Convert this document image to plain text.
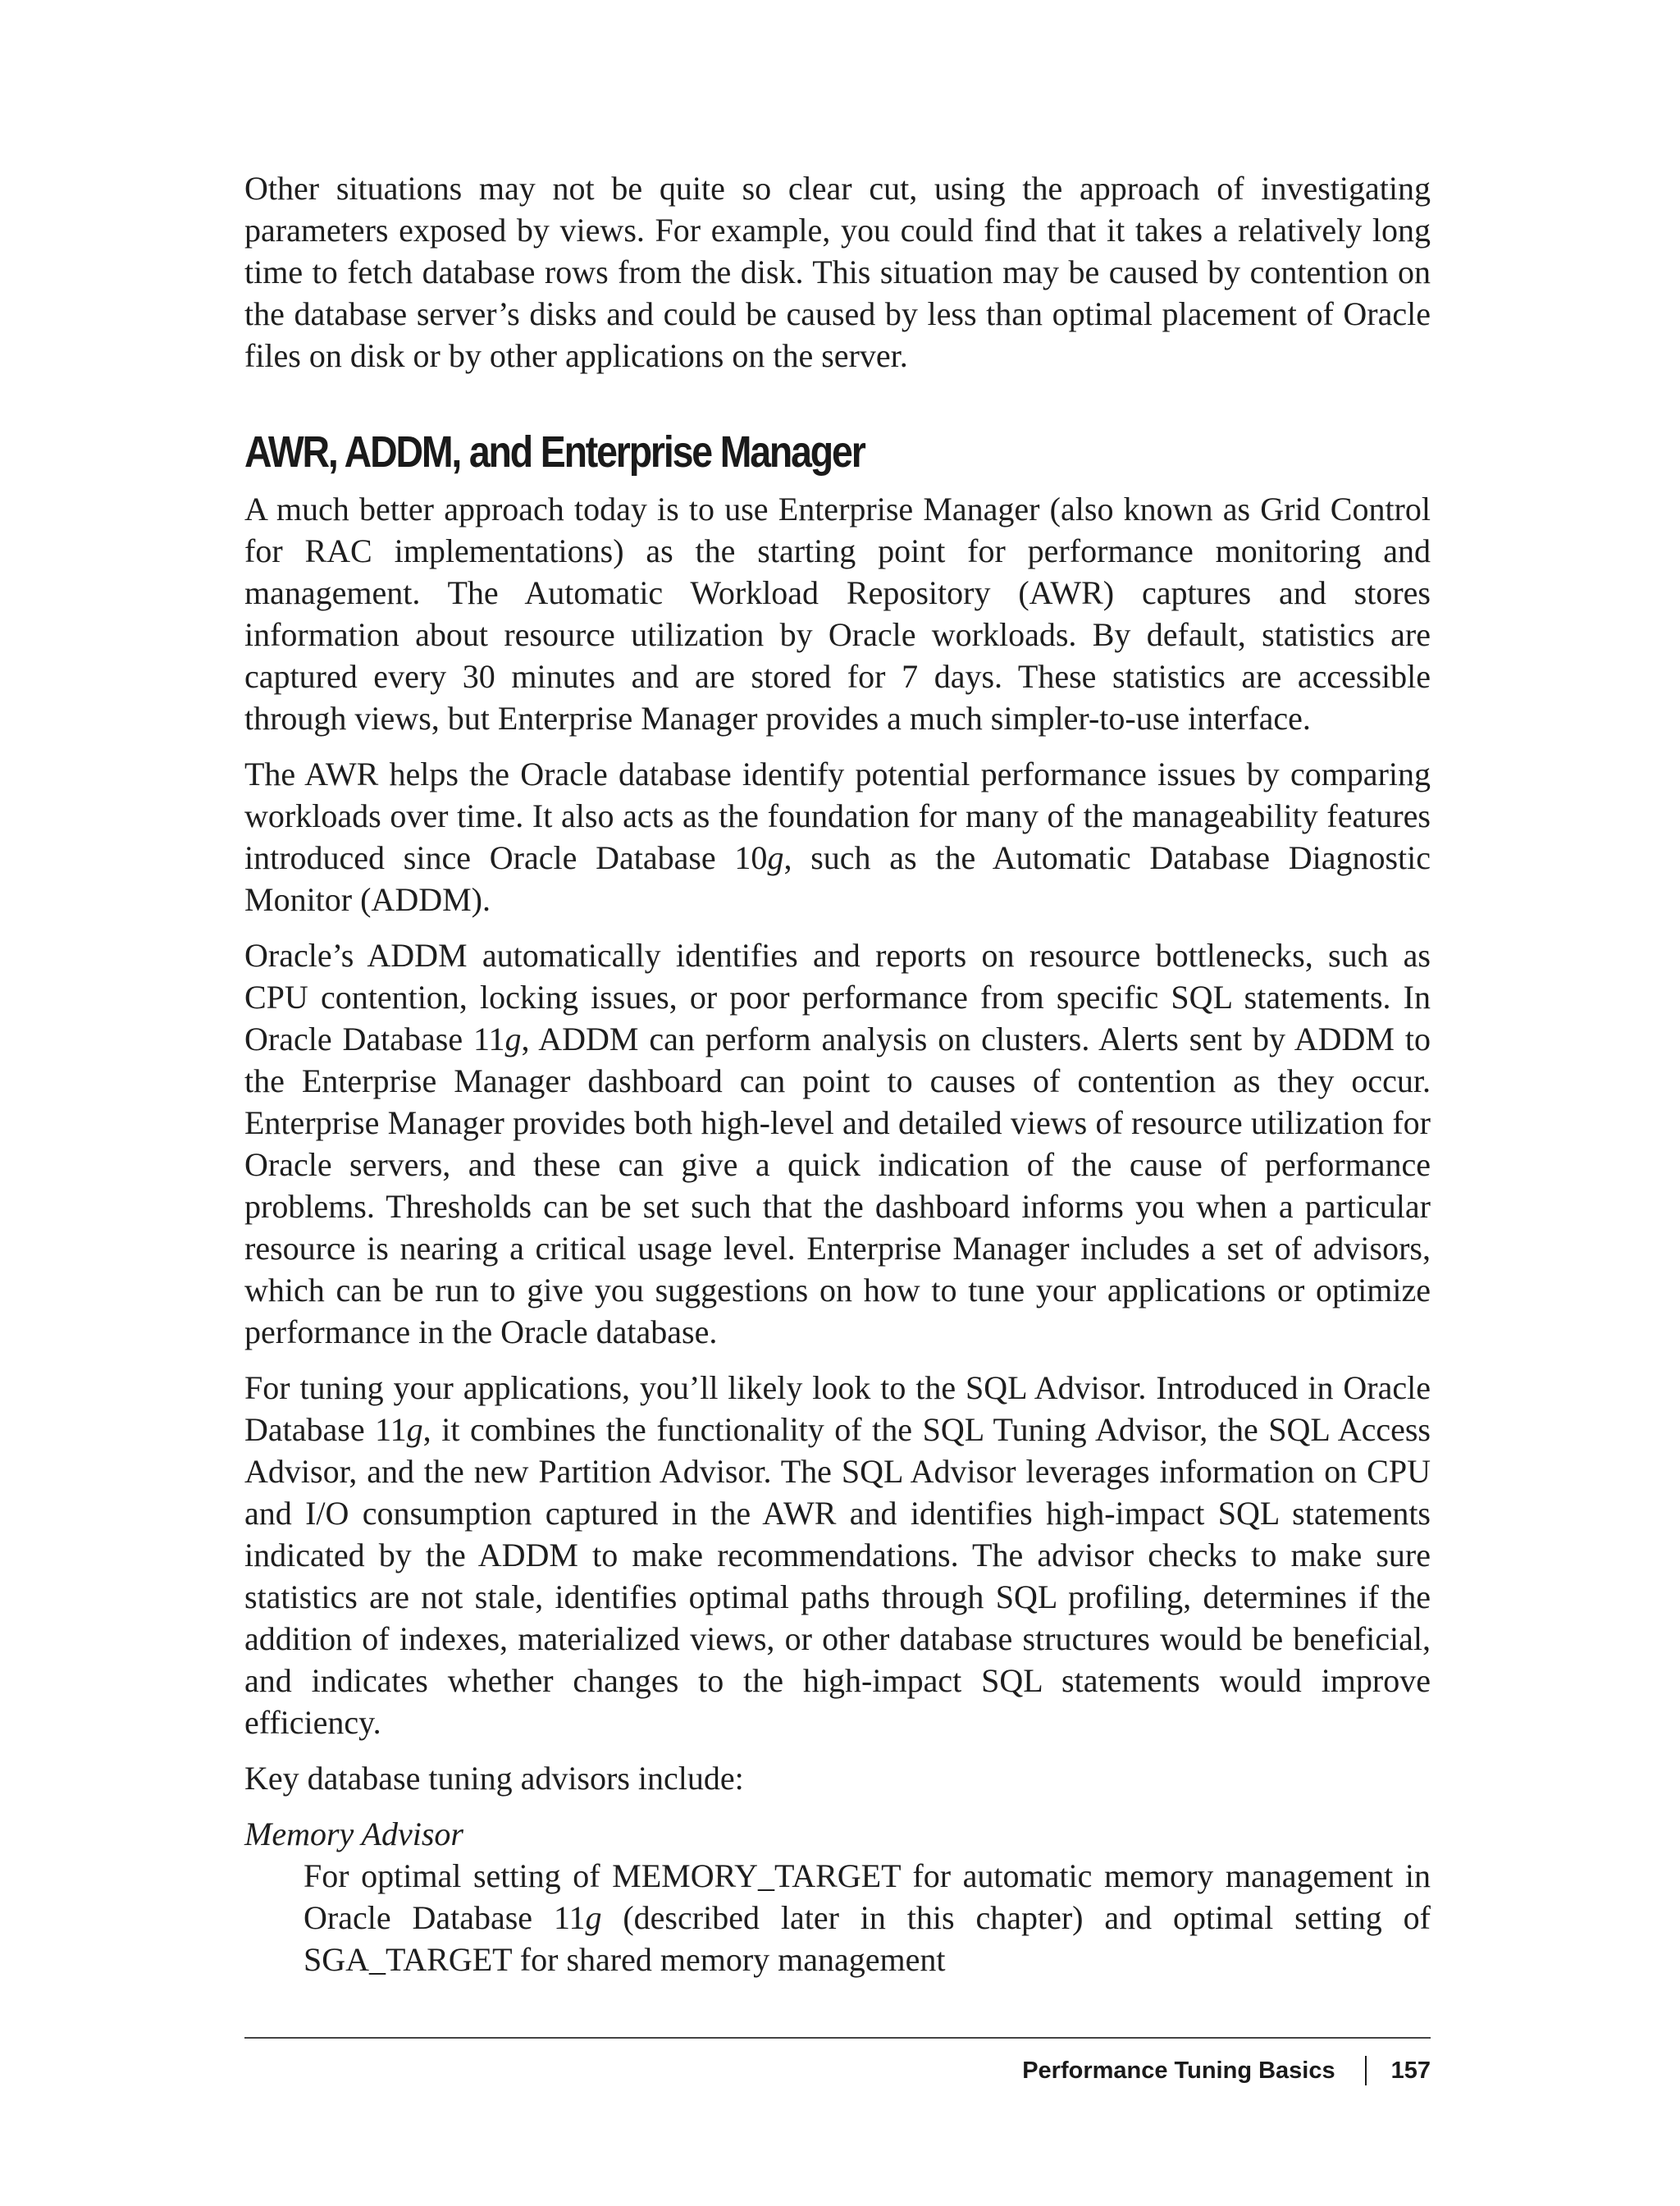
Other situations may not be quite so clear cut, using the approach of investigating parameters exposed by views. For example, you could find that it takes a relatively long time to fetch database rows from the disk. This situation may be caused by contention on the database server’s disks and could be caused by less than optimal placement of Oracle files on disk or by other applications on the server.

AWR, ADDM, and Enterprise Manager

A much better approach today is to use Enterprise Manager (also known as Grid Control for RAC implementations) as the starting point for performance monitoring and management. The Automatic Workload Repository (AWR) captures and stores information about resource utilization by Oracle workloads. By default, statistics are captured every 30 minutes and are stored for 7 days. These statistics are accessible through views, but Enterprise Manager provides a much simpler-to-use interface.

The AWR helps the Oracle database identify potential performance issues by comparing workloads over time. It also acts as the foundation for many of the manageability features introduced since Oracle Database 10g, such as the Automatic Database Diagnostic Monitor (ADDM).

Oracle’s ADDM automatically identifies and reports on resource bottlenecks, such as CPU contention, locking issues, or poor performance from specific SQL statements. In Oracle Database 11g, ADDM can perform analysis on clusters. Alerts sent by ADDM to the Enterprise Manager dashboard can point to causes of contention as they occur. Enterprise Manager provides both high-level and detailed views of resource utilization for Oracle servers, and these can give a quick indication of the cause of performance problems. Thresholds can be set such that the dashboard informs you when a particular resource is nearing a critical usage level. Enterprise Manager includes a set of advisors, which can be run to give you suggestions on how to tune your applications or optimize performance in the Oracle database.

For tuning your applications, you’ll likely look to the SQL Advisor. Introduced in Oracle Database 11g, it combines the functionality of the SQL Tuning Advisor, the SQL Access Advisor, and the new Partition Advisor. The SQL Advisor leverages information on CPU and I/O consumption captured in the AWR and identifies high-impact SQL statements indicated by the ADDM to make recommendations. The advisor checks to make sure statistics are not stale, identifies optimal paths through SQL profiling, determines if the addition of indexes, materialized views, or other database structures would be beneficial, and indicates whether changes to the high-impact SQL statements would improve efficiency.

Key database tuning advisors include:

Memory Advisor

For optimal setting of MEMORY_TARGET for automatic memory management in Oracle Database 11g (described later in this chapter) and optimal setting of SGA_TARGET for shared memory management

Performance Tuning Basics 157
